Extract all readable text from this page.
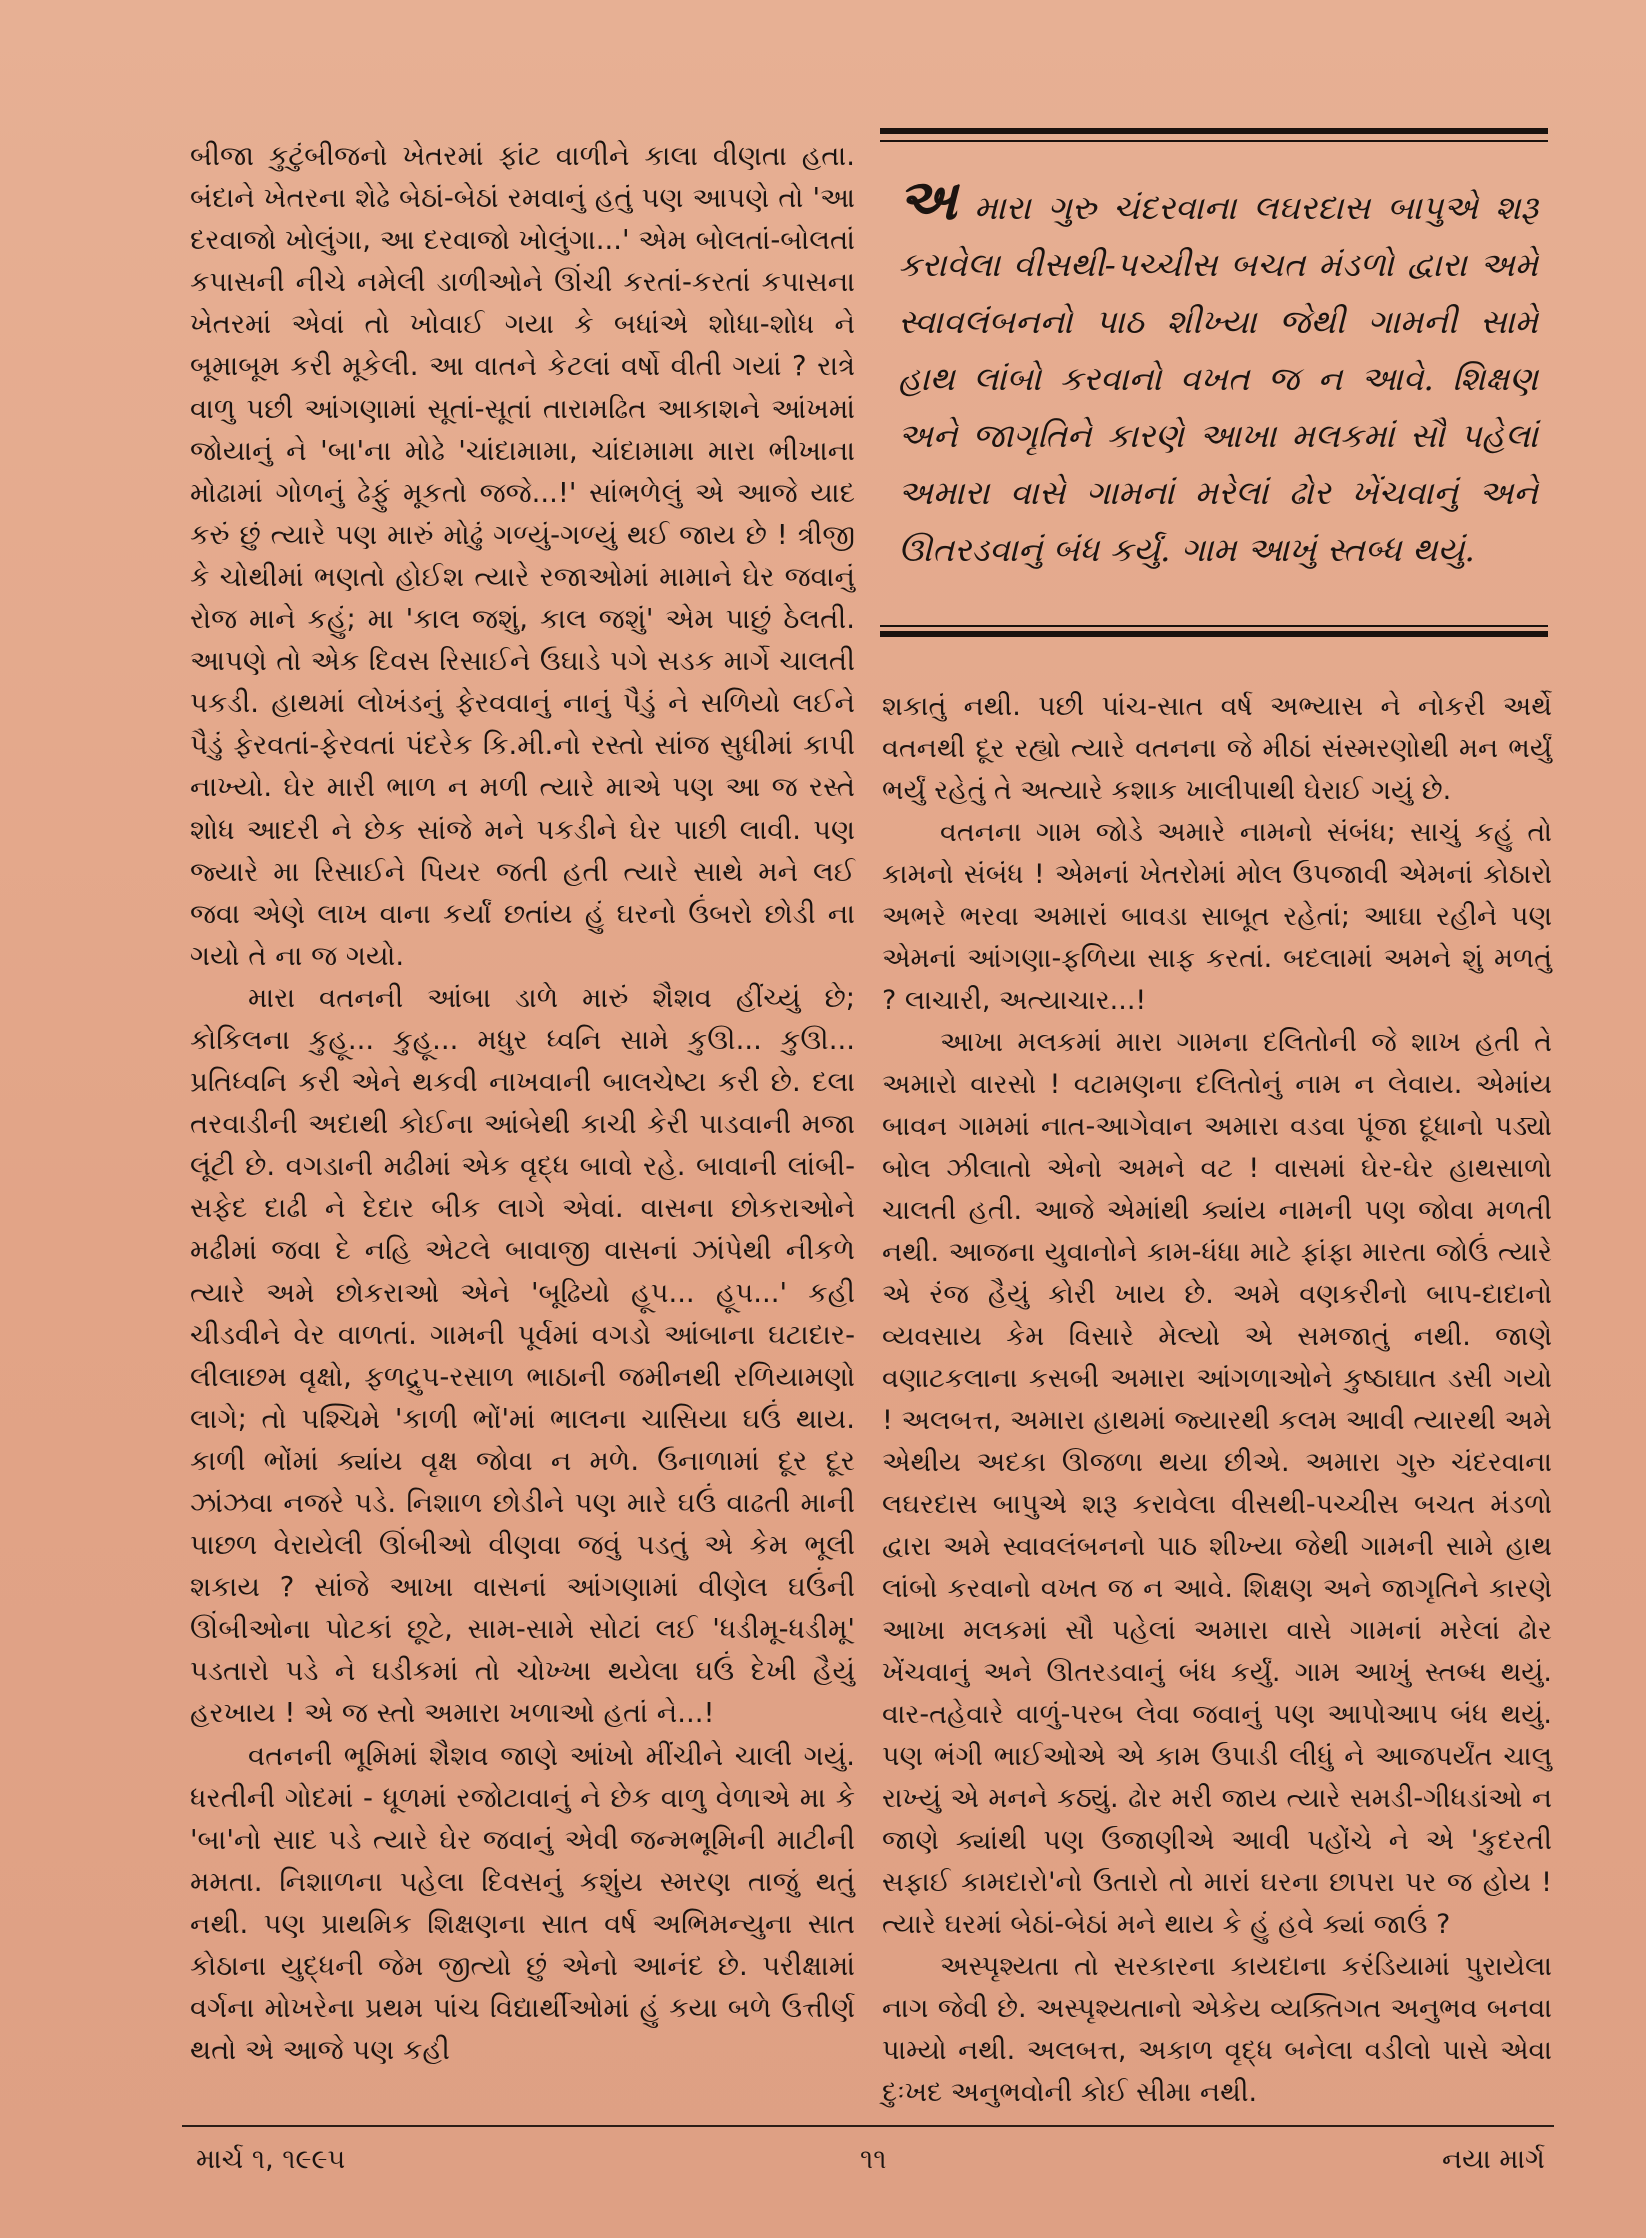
બીજા કુટુંબીજનો ખેતરમાં ફાંટ વાળીને કાલા વીણતા હતા. બંદાને ખેતરના શેઢે બેઠાં-બેઠાં રમવાનું હતું પણ આપણે તો 'આ દરવાજો ખોલુંગા, આ દરવાજો ખોલુંગા...' એમ બોલતાં-બોલતાં કપાસની નીચે નમેલી ડાળીઓને ઊંચી કરતાં-કરતાં કપાસના ખેતરમાં એવાં તો ખોવાઈ ગયા કે બધાંએ શોધા-શોધ ને બૂમાબૂમ કરી મૂકેલી. આ વાતને કેટલાં વર્ષો વીતી ગયાં ? રાત્રે વાળુ પછી આંગણામાં સૂતાં-સૂતાં તારામઢિત આકાશને આંખમાં જોયાનું ને 'બા'ના મોઢે 'ચાંદામામા, ચાંદામામા મારા ભીખાના મોઢામાં ગોળનું ઢેફું મૂકતો જજે...!' સાંભળેલું એ આજે યાદ કરું છું ત્યારે પણ મારું મોઢું ગળ્યું-ગળ્યું થઈ જાય છે ! ત્રીજી કે ચોથીમાં ભણતો હોઈશ ત્યારે રજાઓમાં મામાને ઘેર જવાનું રોજ માને કહું; મા 'કાલ જશું, કાલ જશું' એમ પાછું ઠેલતી. આપણે તો એક દિવસ રિસાઈને ઉઘાડે પગે સડક માર્ગે ચાલતી પકડી. હાથમાં લોખંડનું ફેરવવાનું નાનું પૈડું ને સળિયો લઈને પૈડું ફેરવતાં-ફેરવતાં પંદરેક કિ.મી.નો રસ્તો સાંજ સુધીમાં કાપી નાખ્યો. ઘેર મારી ભાળ ન મળી ત્યારે માએ પણ આ જ રસ્તે શોધ આદરી ને છેક સાંજે મને પકડીને ઘેર પાછી લાવી. પણ જ્યારે મા રિસાઈને પિયર જતી હતી ત્યારે સાથે મને લઈ જવા એણે લાખ વાના કર્યાં છતાંય હું ઘરનો ઉંબરો છોડી ના ગયો તે ના જ ગયો.

મારા વતનની આંબા ડાળે મારું શૈશવ હીંચ્યું છે; કોકિલના કુહૂ... કુહૂ... મધુર ધ્વનિ સામે કુઊ... કુઊ... પ્રતિધ્વનિ કરી એને થકવી નાખવાની બાલચેષ્ટા કરી છે. દલા તરવાડીની અદાથી કોઈના આંબેથી કાચી કેરી પાડવાની મજા લૂંટી છે. વગડાની મઢીમાં એક વૃદ્ધ બાવો રહે. બાવાની લાંબી-સફેદ દાઢી ને દેદાર બીક લાગે એવાં. વાસના છોકરાઓને મઢીમાં જવા દે નહિ એટલે બાવાજી વાસનાં ઝાંપેથી નીકળે ત્યારે અમે છોકરાઓ એને 'બૂઢિયો હૂપ... હૂપ...' કહી ચીડવીને વેર વાળતાં. ગામની પૂર્વમાં વગડો આંબાના ઘટાદાર-લીલાછમ વૃક્ષો, ફળદ્રુપ-રસાળ ભાઠાની જમીનથી રળિયામણો લાગે; તો પશ્ચિમે 'કાળી ભોં'માં ભાલના ચાસિયા ઘઉં થાય. કાળી ભોંમાં ક્યાંય વૃક્ષ જોવા ન મળે. ઉનાળામાં દૂર દૂર ઝાંઝવા નજરે પડે. નિશાળ છોડીને પણ મારે ઘઉં વાઢતી માની પાછળ વેરાયેલી ઊંબીઓ વીણવા જવું પડતું એ કેમ ભૂલી શકાય ? સાંજે આખા વાસનાં આંગણામાં વીણેલ ઘઉંની ઊંબીઓના પોટકાં છૂટે, સામ-સામે સોટાં લઈ 'ધડીમૂ-ધડીમૂ' પડતારો પડે ને ઘડીકમાં તો ચોખ્ખા થયેલા ઘઉં દેખી હૈયું હરખાય ! એ જ સ્તો અમારા ખળાઓ હતાં ને...!

વતનની ભૂમિમાં શૈશવ જાણે આંખો મીંચીને ચાલી ગયું. ધરતીની ગોદમાં - ધૂળમાં રજોટાવાનું ને છેક વાળુ વેળાએ મા કે 'બા'નો સાદ પડે ત્યારે ઘેર જવાનું એવી જન્મભૂમિની માટીની મમતા. નિશાળના પહેલા દિવસનું કશુંય સ્મરણ તાજું થતું નથી. પણ પ્રાથમિક શિક્ષણના સાત વર્ષ અભિમન્યુના સાત કોઠાના યુદ્ધની જેમ જીત્યો છું એનો આનંદ છે. પરીક્ષામાં વર્ગના મોખરેના પ્રથમ પાંચ વિદ્યાર્થીઓમાં હું કયા બળે ઉત્તીર્ણ થતો એ આજે પણ કહી

અ મારા ગુરુ ચંદરવાના લઘરદાસ બાપુએ શરૂ કરાવેલા વીસથી-પચ્ચીસ બચત મંડળો દ્વારા અમે સ્વાવલંબનનો પાઠ શીખ્યા જેથી ગામની સામે હાથ લાંબો કરવાનો વખત જ ન આવે. શિક્ષણ અને જાગૃતિને કારણે આખા મલકમાં સૌ પહેલાં અમારા વાસે ગામનાં મરેલાં ઢોર ખેંચવાનું અને ઊતરડવાનું બંધ કર્યું. ગામ આખું સ્તબ્ધ થયું.

શકાતું નથી. પછી પાંચ-સાત વર્ષ અભ્યાસ ને નોકરી અર્થે વતનથી દૂર રહ્યો ત્યારે વતનના જે મીઠાં સંસ્મરણોથી મન ભર્યું ભર્યું રહેતું તે અત્યારે કશાક ખાલીપાથી ઘેરાઈ ગયું છે.

વતનના ગામ જોડે અમારે નામનો સંબંધ; સાચું કહું તો કામનો સંબંધ ! એમનાં ખેતરોમાં મોલ ઉપજાવી એમનાં કોઠારો અભરે ભરવા અમારાં બાવડા સાબૂત રહેતાં; આઘા રહીને પણ એમનાં આંગણા-ફળિયા સાફ કરતાં. બદલામાં અમને શું મળતું ? લાચારી, અત્યાચાર...!

આખા મલકમાં મારા ગામના દલિતોની જે શાખ હતી તે અમારો વારસો ! વટામણના દલિતોનું નામ ન લેવાય. એમાંય બાવન ગામમાં નાત-આગેવાન અમારા વડવા પૂંજા દૂધાનો પડ્યો બોલ ઝીલાતો એનો અમને વટ ! વાસમાં ઘેર-ઘેર હાથસાળો ચાલતી હતી. આજે એમાંથી ક્યાંય નામની પણ જોવા મળતી નથી. આજના યુવાનોને કામ-ધંધા માટે ફાંફા મારતા જોઉં ત્યારે એ રંજ હૈયું કોરી ખાય છે. અમે વણકરીનો બાપ-દાદાનો વ્યવસાય કેમ વિસારે મેલ્યો એ સમજાતું નથી. જાણે વણાટકલાના કસબી અમારા આંગળાઓને કુષ્ઠાઘાત ડસી ગયો ! અલબત્ત, અમારા હાથમાં જ્યારથી કલમ આવી ત્યારથી અમે એથીય અદકા ઊજળા થયા છીએ. અમારા ગુરુ ચંદરવાના લઘરદાસ બાપુએ શરૂ કરાવેલા વીસથી-પચ્ચીસ બચત મંડળો દ્વારા અમે સ્વાવલંબનનો પાઠ શીખ્યા જેથી ગામની સામે હાથ લાંબો કરવાનો વખત જ ન આવે. શિક્ષણ અને જાગૃતિને કારણે આખા મલકમાં સૌ પહેલાં અમારા વાસે ગામનાં મરેલાં ઢોર ખેંચવાનું અને ઊતરડવાનું બંધ કર્યું. ગામ આખું સ્તબ્ધ થયું. વાર-તહેવારે વાળું-પરબ લેવા જવાનું પણ આપોઆપ બંધ થયું. પણ ભંગી ભાઈઓએ એ કામ ઉપાડી લીધું ને આજપર્યંત ચાલુ રાખ્યું એ મનને કઠ્યું. ઢોર મરી જાય ત્યારે સમડી-ગીધડાંઓ ન જાણે ક્યાંથી પણ ઉજાણીએ આવી પહોંચે ને એ 'કુદરતી સફાઈ કામદારો'નો ઉતારો તો મારાં ઘરના છાપરા પર જ હોય ! ત્યારે ઘરમાં બેઠાં-બેઠાં મને થાય કે હું હવે ક્યાં જાઉં ?

અસ્પૃશ્યતા તો સરકારના કાયદાના કરંડિયામાં પુરાયેલા નાગ જેવી છે. અસ્પૃશ્યતાનો એકેય વ્યક્તિગત અનુભવ બનવા પામ્યો નથી. અલબત્ત, અકાળ વૃદ્ધ બનેલા વડીલો પાસે એવા દુઃખદ અનુભવોની કોઈ સીમા નથી.

માર્ચ ૧, ૧૯૯૫	૧૧	નયા માર્ગ
